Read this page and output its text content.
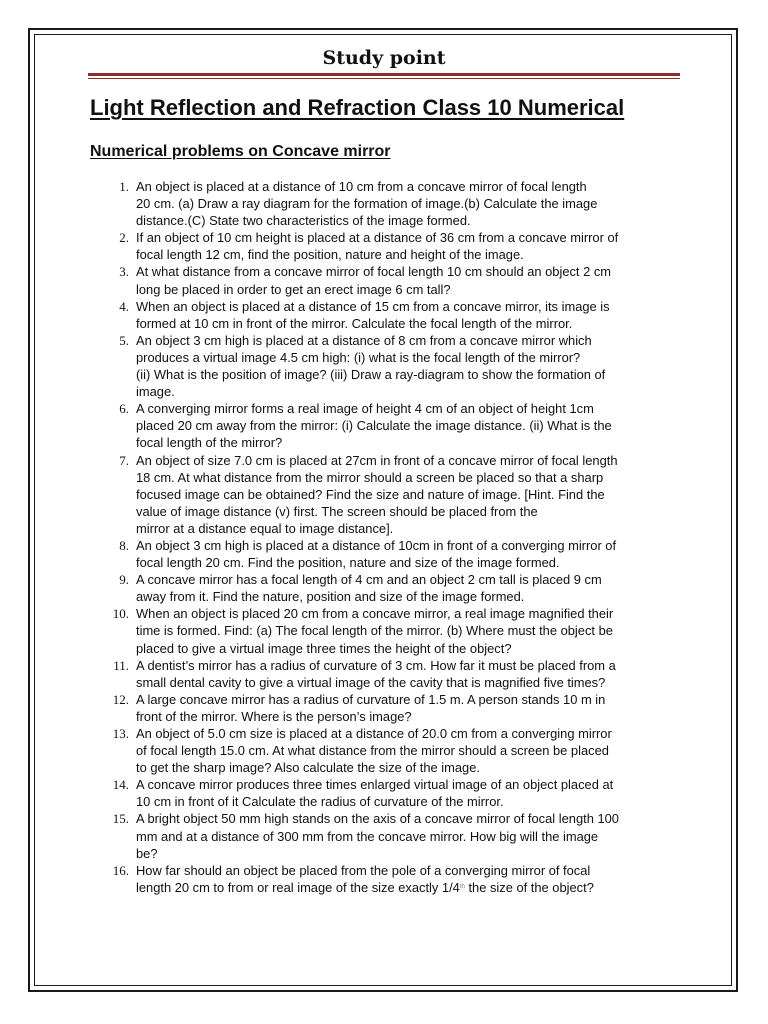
Study point
Light Reflection and Refraction Class 10 Numerical
Numerical problems on Concave mirror
1. An object is placed at a distance of 10 cm from a concave mirror of focal length
20 cm. (a) Draw a ray diagram for the formation of image.(b) Calculate the image
distance.(C) State two characteristics of the image formed.
2. If an object of 10 cm height is placed at a distance of 36 cm from a concave mirror of
focal length 12 cm, find the position, nature and height of the image.
3. At what distance from a concave mirror of focal length 10 cm should an object 2 cm
long be placed in order to get an erect image 6 cm tall?
4. When an object is placed at a distance of 15 cm from a concave mirror, its image is
formed at 10 cm in front of the mirror. Calculate the focal length of the mirror.
5. An object 3 cm high is placed at a distance of 8 cm from a concave mirror which
produces a virtual image 4.5 cm high: (i) what is the focal length of the mirror?
(ii) What is the position of image? (iii) Draw a ray-diagram to show the formation of
image.
6. A converging mirror forms a real image of height 4 cm of an object of height 1cm
placed 20 cm away from the mirror: (i) Calculate the image distance. (ii) What is the
focal length of the mirror?
7. An object of size 7.0 cm is placed at 27cm in front of a concave mirror of focal length
18 cm. At what distance from the mirror should a screen be placed so that a sharp
focused image can be obtained? Find the size and nature of image. [Hint. Find the
value of image distance (v) first. The screen should be placed from the
mirror at a distance equal to image distance].
8. An object 3 cm high is placed at a distance of 10cm in front of a converging mirror of
focal length 20 cm. Find the position, nature and size of the image formed.
9. A concave mirror has a focal length of 4 cm and an object 2 cm tall is placed 9 cm
away from it. Find the nature, position and size of the image formed.
10. When an object is placed 20 cm from a concave mirror, a real image magnified their
time is formed. Find: (a) The focal length of the mirror. (b) Where must the object be
placed to give a virtual image three times the height of the object?
11. A dentist’s mirror has a radius of curvature of 3 cm. How far it must be placed from a
small dental cavity to give a virtual image of the cavity that is magnified five times?
12. A large concave mirror has a radius of curvature of 1.5 m. A person stands 10 m in
front of the mirror. Where is the person’s image?
13. An object of 5.0 cm size is placed at a distance of 20.0 cm from a converging mirror
of focal length 15.0 cm. At what distance from the mirror should a screen be placed
to get the sharp image? Also calculate the size of the image.
14. A concave mirror produces three times enlarged virtual image of an object placed at
10 cm in front of it Calculate the radius of curvature of the mirror.
15. A bright object 50 mm high stands on the axis of a concave mirror of focal length 100
mm and at a distance of 300 mm from the concave mirror. How big will the image
be?
16. How far should an object be placed from the pole of a converging mirror of focal
length 20 cm to from or real image of the size exactly 1/4th the size of the object?
